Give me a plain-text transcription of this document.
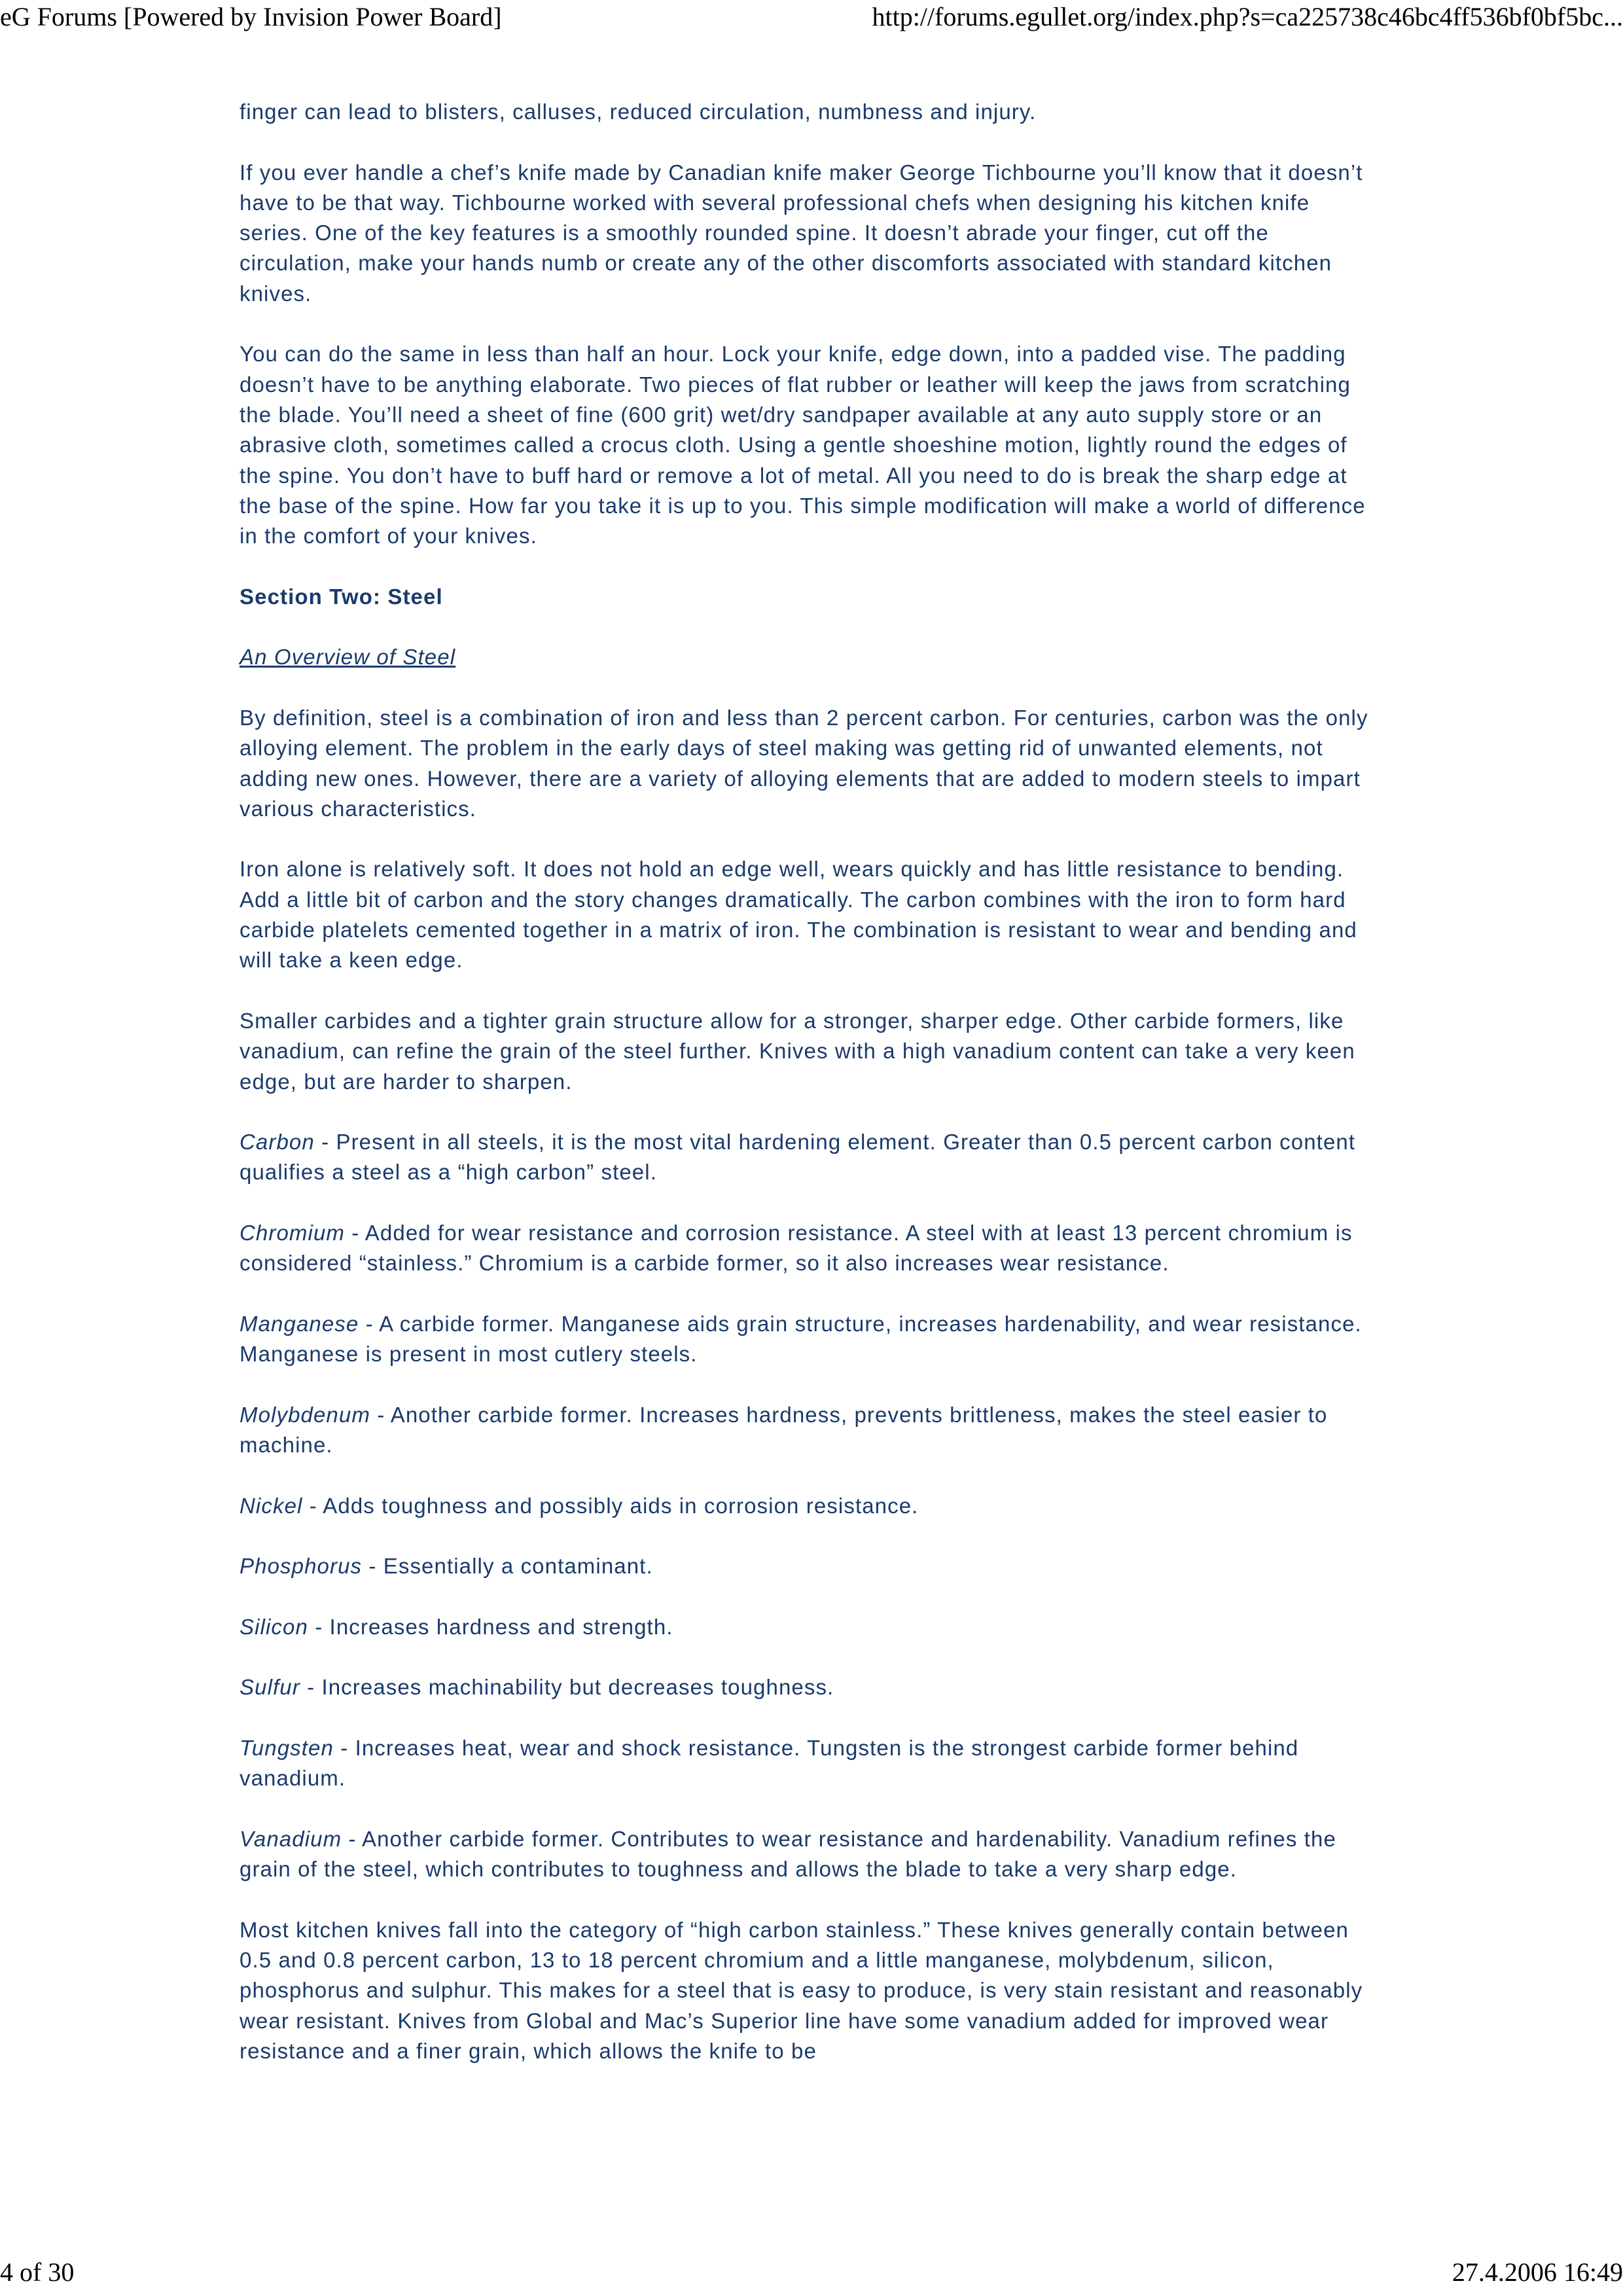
eG Forums [Powered by Invision Power Board]	http://forums.egullet.org/index.php?s=ca225738c46bc4ff536bf0bf5bc...

finger can lead to blisters, calluses, reduced circulation, numbness and injury.

If you ever handle a chef’s knife made by Canadian knife maker George Tichbourne you’ll know that it doesn’t have to be that way. Tichbourne worked with several professional chefs when designing his kitchen knife series. One of the key features is a smoothly rounded spine. It doesn’t abrade your finger, cut off the circulation, make your hands numb or create any of the other discomforts associated with standard kitchen knives.

You can do the same in less than half an hour. Lock your knife, edge down, into a padded vise. The padding doesn’t have to be anything elaborate. Two pieces of flat rubber or leather will keep the jaws from scratching the blade. You’ll need a sheet of fine (600 grit) wet/dry sandpaper available at any auto supply store or an abrasive cloth, sometimes called a crocus cloth. Using a gentle shoeshine motion, lightly round the edges of the spine. You don’t have to buff hard or remove a lot of metal. All you need to do is break the sharp edge at the base of the spine. How far you take it is up to you. This simple modification will make a world of difference in the comfort of your knives.

Section Two: Steel

An Overview of Steel

By definition, steel is a combination of iron and less than 2 percent carbon. For centuries, carbon was the only alloying element. The problem in the early days of steel making was getting rid of unwanted elements, not adding new ones. However, there are a variety of alloying elements that are added to modern steels to impart various characteristics.

Iron alone is relatively soft. It does not hold an edge well, wears quickly and has little resistance to bending. Add a little bit of carbon and the story changes dramatically. The carbon combines with the iron to form hard carbide platelets cemented together in a matrix of iron. The combination is resistant to wear and bending and will take a keen edge.

Smaller carbides and a tighter grain structure allow for a stronger, sharper edge. Other carbide formers, like vanadium, can refine the grain of the steel further. Knives with a high vanadium content can take a very keen edge, but are harder to sharpen.

Carbon - Present in all steels, it is the most vital hardening element. Greater than 0.5 percent carbon content qualifies a steel as a “high carbon” steel.

Chromium - Added for wear resistance and corrosion resistance. A steel with at least 13 percent chromium is considered “stainless.” Chromium is a carbide former, so it also increases wear resistance.

Manganese - A carbide former. Manganese aids grain structure, increases hardenability, and wear resistance. Manganese is present in most cutlery steels.

Molybdenum - Another carbide former. Increases hardness, prevents brittleness, makes the steel easier to machine.

Nickel - Adds toughness and possibly aids in corrosion resistance.

Phosphorus - Essentially a contaminant.

Silicon - Increases hardness and strength.

Sulfur - Increases machinability but decreases toughness.

Tungsten - Increases heat, wear and shock resistance. Tungsten is the strongest carbide former behind vanadium.

Vanadium - Another carbide former. Contributes to wear resistance and hardenability. Vanadium refines the grain of the steel, which contributes to toughness and allows the blade to take a very sharp edge.

Most kitchen knives fall into the category of “high carbon stainless.” These knives generally contain between 0.5 and 0.8 percent carbon, 13 to 18 percent chromium and a little manganese, molybdenum, silicon, phosphorus and sulphur. This makes for a steel that is easy to produce, is very stain resistant and reasonably wear resistant. Knives from Global and Mac’s Superior line have some vanadium added for improved wear resistance and a finer grain, which allows the knife to be

4 of 30	27.4.2006 16:49
